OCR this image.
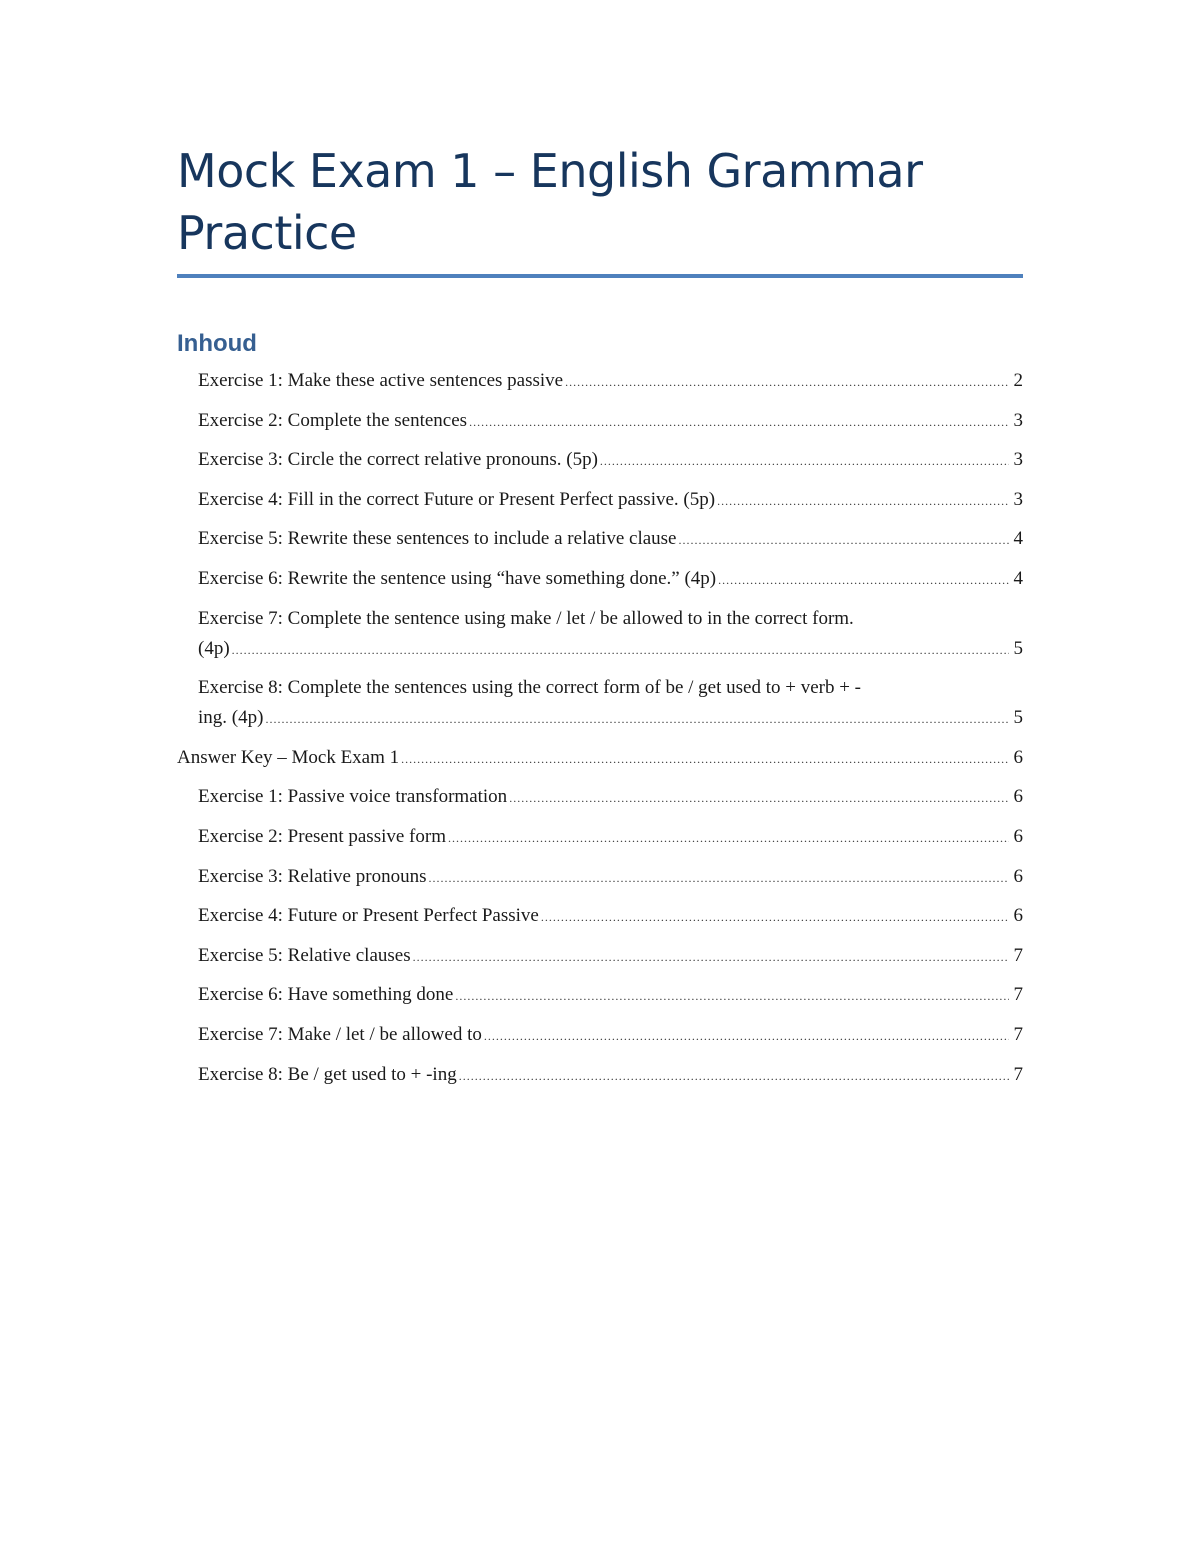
Mock Exam 1 – English Grammar Practice
Inhoud
Exercise 1: Make these active sentences passive .....	2
Exercise 2: Complete the sentences .....	3
Exercise 3: Circle the correct relative pronouns. (5p) .....	3
Exercise 4: Fill in the correct Future or Present Perfect passive. (5p) .....	3
Exercise 5: Rewrite these sentences to include a relative clause .....	4
Exercise 6: Rewrite the sentence using “have something done.” (4p) .....	4
Exercise 7: Complete the sentence using make / let / be allowed to in the correct form.
(4p) .....	5
Exercise 8: Complete the sentences using the correct form of be / get used to + verb + -
ing. (4p) .....	5
Answer Key – Mock Exam 1 .....	6
Exercise 1: Passive voice transformation .....	6
Exercise 2: Present passive form .....	6
Exercise 3: Relative pronouns .....	6
Exercise 4: Future or Present Perfect Passive .....	6
Exercise 5: Relative clauses .....	7
Exercise 6: Have something done .....	7
Exercise 7: Make / let / be allowed to .....	7
Exercise 8: Be / get used to + -ing .....	7
